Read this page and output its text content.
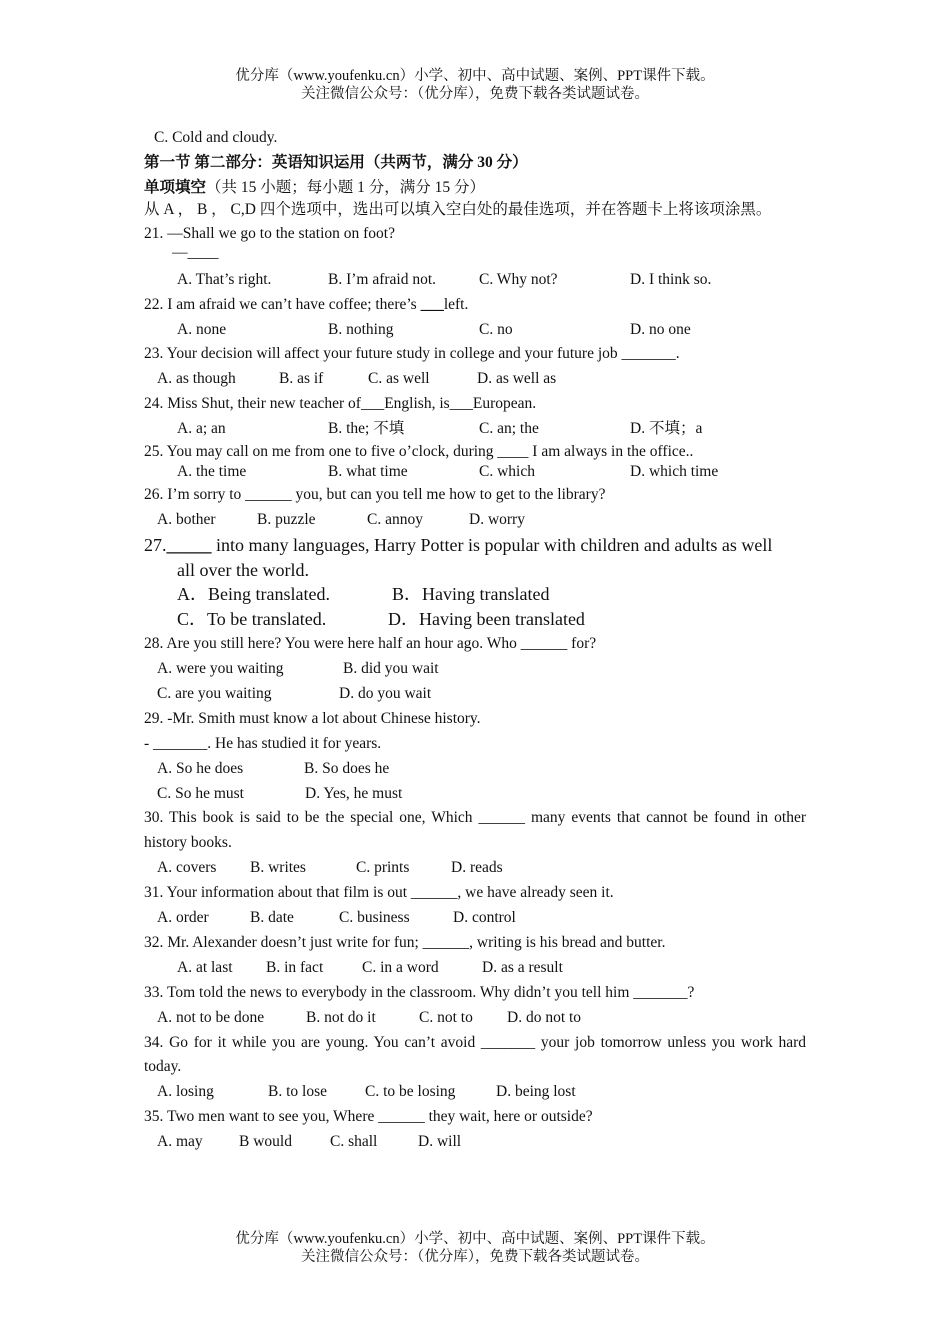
优分库（www.youfenku.cn）小学、初中、高中试题、案例、PPT课件下载。
关注微信公众号：（优分库），免费下载各类试题试卷。
C. Cold and cloudy.
第一节 第二部分：英语知识运用（共两节，满分 30 分）
单项填空（共 15 小题；每小题 1 分，满分 15 分）
从 A ， B ， C,D 四个选项中，选出可以填入空白处的最佳选项，并在答题卡上将该项涂黑。
21. —Shall we go to the station on foot?
—____
A. That’s right.	B. I’m afraid not.	C. Why not?	D. I think so.
22. I am afraid we can’t have coffee; there’s ___left.
A. none	B. nothing	C. no	D. no one
23. Your decision will affect your future study in college and your future job _______.
A. as though	B. as if	C. as well	D. as well as
24. Miss Shut, their new teacher of___English, is___European.
A. a; an	B. the; 不填	C. an; the	D. 不填；a
25. You may call on me from one to five o’clock, during ____ I am always in the office..
A. the time	B. what time	C. which	D. which time
26. I’m sorry to ______ you, but can you tell me how to get to the library?
A. bother	B. puzzle	C. annoy	D. worry
27._____ into many languages, Harry Potter is popular with children and adults as well
all over the world.
A．Being translated.	B．Having translated
C．To be translated.	D．Having been translated
28. Are you still here? You were here half an hour ago. Who ______ for?
A. were you waiting	B. did you wait
C. are you waiting	D. do you wait
29. -Mr. Smith must know a lot about Chinese history.
- _______. He has studied it for years.
A. So he does	B. So does he
C. So he must	D. Yes, he must
30. This book is said to be the special one, Which ______ many events that cannot be found in other history books.
A. covers	B. writes	C. prints	D. reads
31. Your information about that film is out ______, we have already seen it.
A. order	B. date	C. business	D. control
32. Mr. Alexander doesn’t just write for fun; ______, writing is his bread and butter.
A. at last	B. in fact	C. in a word	D. as a result
33. Tom told the news to everybody in the classroom. Why didn’t you tell him _______?
A. not to be done	B. not do it	C. not to	D. do not to
34. Go for it while you are young. You can’t avoid _______ your job tomorrow unless you work hard today.
A. losing	B. to lose	C. to be losing	D. being lost
35. Two men want to see you, Where ______ they wait, here or outside?
A. may	B would	C. shall	D. will
优分库（www.youfenku.cn）小学、初中、高中试题、案例、PPT课件下载。
关注微信公众号：（优分库），免费下载各类试题试卷。
